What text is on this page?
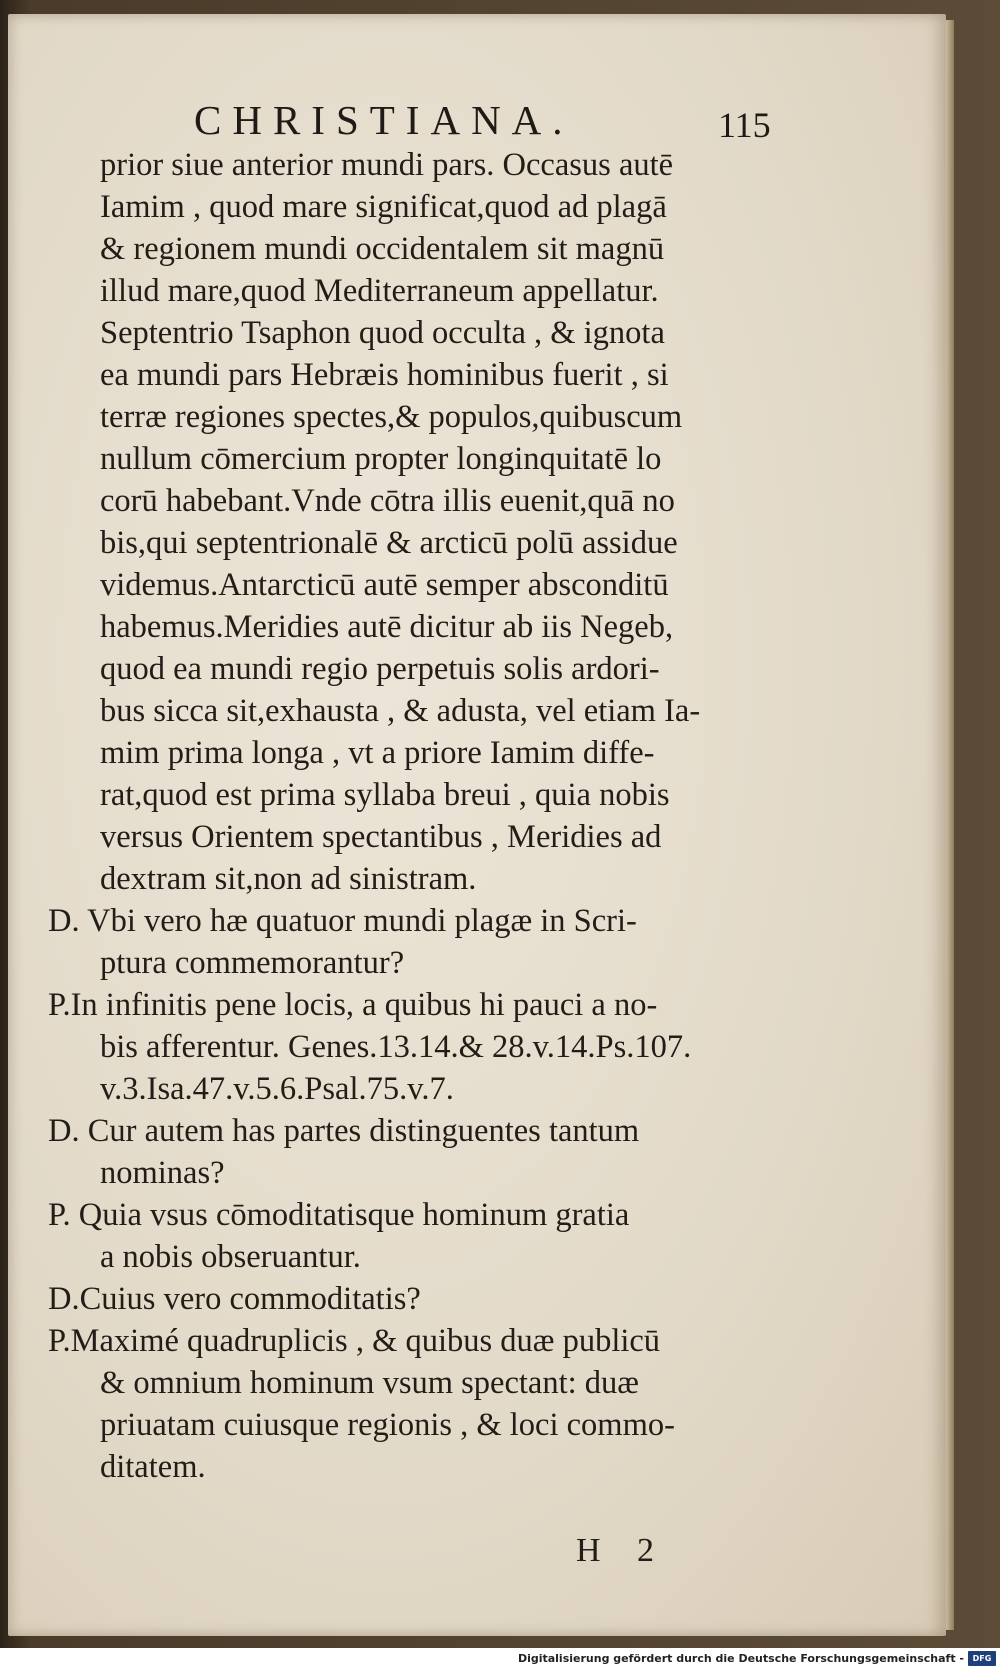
CHRISTIANA.	115
prior siue anterior mundi pars. Occasus autē
Iamim , quod mare significat,quod ad plagā
& regionem mundi occidentalem sit magnū
illud mare,quod Mediterraneum appellatur.
Septentrio Tsaphon quod occulta , & ignota
ea mundi pars Hebræis hominibus fuerit , si
terræ regiones spectes,& populos,quibuscum
nullum cōmercium propter longinquitatē lo
corū habebant.Vnde cōtra illis euenit,quā no
bis,qui septentrionalē & arcticū polū assidue
videmus.Antarcticū autē semper absconditū
habemus.Meridies autē dicitur ab iis Negeb,
quod ea mundi regio perpetuis solis ardori-
bus sicca sit,exhausta , & adusta, vel etiam Ia-
mim prima longa , vt a priore Iamim diffe-
rat,quod est prima syllaba breui , quia nobis
versus Orientem spectantibus , Meridies ad
dextram sit,non ad sinistram.
D. Vbi vero hæ quatuor mundi plagæ in Scri-
ptura commemorantur?
P.In infinitis pene locis, a quibus hi pauci a no-
bis afferentur. Genes.13.14.& 28.v.14.Ps.107.
v.3.Isa.47.v.5.6.Psal.75.v.7.
D. Cur autem has partes distinguentes tantum
nominas?
P. Quia vsus cōmoditatisque hominum gratia
a nobis obseruantur.
D.Cuius vero commoditatis?
P.Maximé quadruplicis , & quibus duæ publicū
& omnium hominum vsum spectant: duæ
priuatam cuiusque regionis , & loci commo-
ditatem.
H 2
Digitalisierung gefördert durch die Deutsche Forschungsgemeinschaft -	DFG
